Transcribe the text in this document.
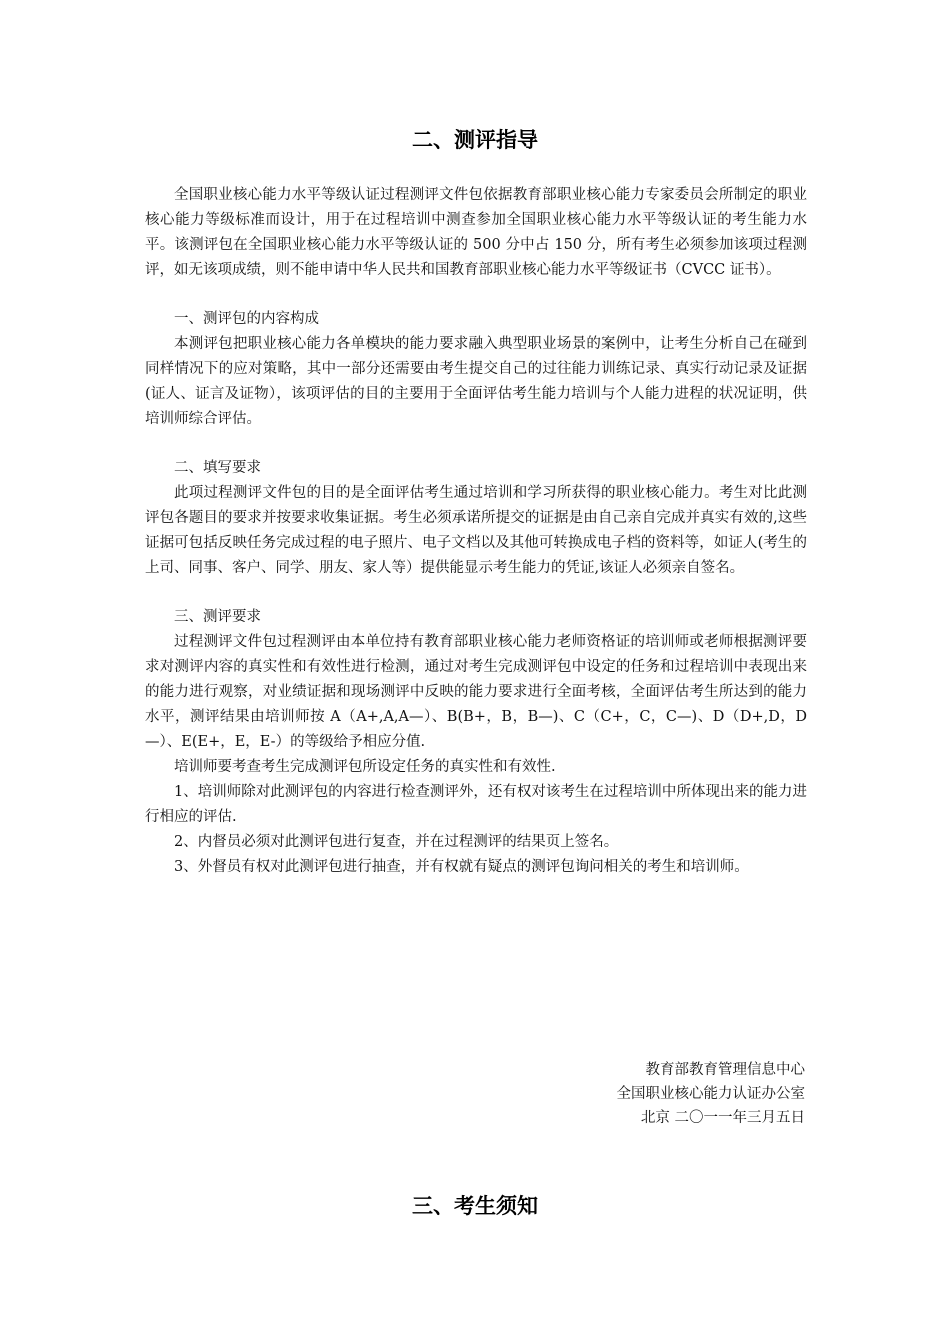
二、测评指导

全国职业核心能力水平等级认证过程测评文件包依据教育部职业核心能力专家委员会所制定的职业核心能力等级标准而设计，用于在过程培训中测查参加全国职业核心能力水平等级认证的考生能力水平。该测评包在全国职业核心能力水平等级认证的 500 分中占 150 分，所有考生必须参加该项过程测评，如无该项成绩，则不能申请中华人民共和国教育部职业核心能力水平等级证书（CVCC 证书）。

一、测评包的内容构成

本测评包把职业核心能力各单模块的能力要求融入典型职业场景的案例中，让考生分析自己在碰到同样情况下的应对策略，其中一部分还需要由考生提交自己的过往能力训练记录、真实行动记录及证据(证人、证言及证物），该项评估的目的主要用于全面评估考生能力培训与个人能力进程的状况证明，供培训师综合评估。

二、填写要求

此项过程测评文件包的目的是全面评估考生通过培训和学习所获得的职业核心能力。考生对比此测评包各题目的要求并按要求收集证据。考生必须承诺所提交的证据是由自己亲自完成并真实有效的,这些证据可包括反映任务完成过程的电子照片、电子文档以及其他可转换成电子档的资料等，如证人(考生的上司、同事、客户、同学、朋友、家人等）提供能显示考生能力的凭证,该证人必须亲自签名。

三、测评要求

过程测评文件包过程测评由本单位持有教育部职业核心能力老师资格证的培训师或老师根据测评要求对测评内容的真实性和有效性进行检测，通过对考生完成测评包中设定的任务和过程培训中表现出来的能力进行观察，对业绩证据和现场测评中反映的能力要求进行全面考核，全面评估考生所达到的能力水平，测评结果由培训师按 A（A+,A,A—）、B(B+，B，B—)、C（C+，C，C—)、D（D+,D，D—）、E(E+，E，E-）的等级给予相应分值.

培训师要考查考生完成测评包所设定任务的真实性和有效性.

1、培训师除对此测评包的内容进行检查测评外，还有权对该考生在过程培训中所体现出来的能力进行相应的评估.

2、内督员必须对此测评包进行复查，并在过程测评的结果页上签名。

3、外督员有权对此测评包进行抽查，并有权就有疑点的测评包询问相关的考生和培训师。

教育部教育管理信息中心
全国职业核心能力认证办公室
北京 二〇一一年三月五日
三、考生须知
